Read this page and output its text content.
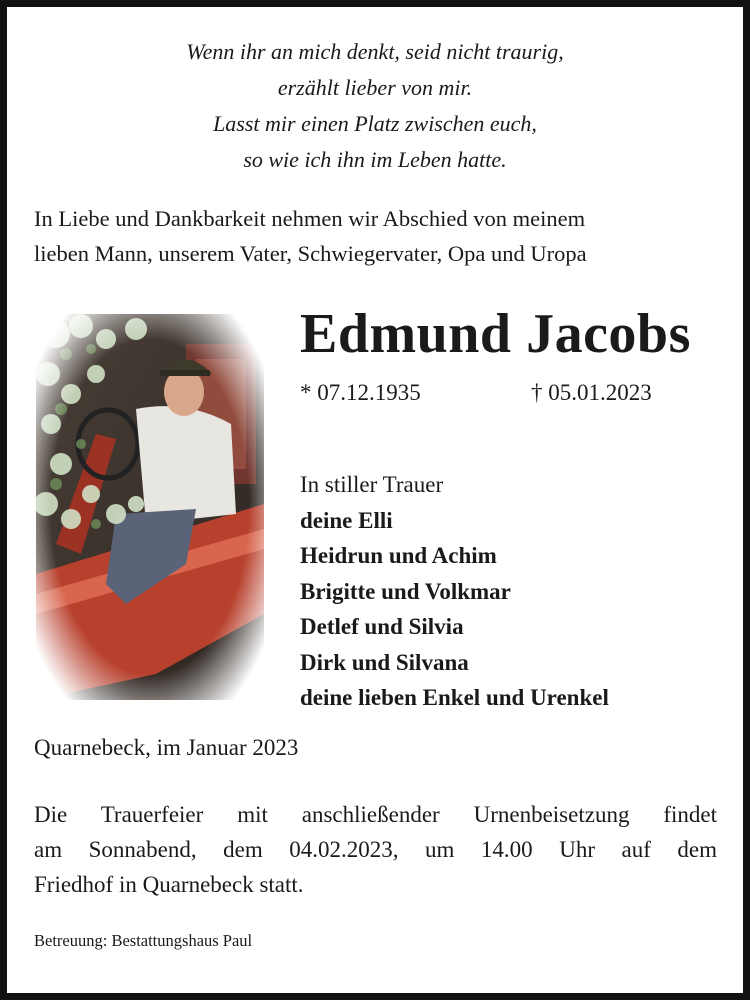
Wenn ihr an mich denkt, seid nicht traurig,
erzählt lieber von mir.
Lasst mir einen Platz zwischen euch,
so wie ich ihn im Leben hatte.
In Liebe und Dankbarkeit nehmen wir Abschied von meinem
lieben Mann, unserem Vater, Schwiegervater, Opa und Uropa
Edmund Jacobs
* 07.12.1935	† 05.01.2023
In stiller Trauer
deine Elli
Heidrun und Achim
Brigitte und Volkmar
Detlef und Silvia
Dirk und Silvana
deine lieben Enkel und Urenkel
Quarnebeck, im Januar 2023
Die Trauerfeier mit anschließender Urnenbeisetzung findet
am Sonnabend, dem 04.02.2023, um 14.00 Uhr auf dem
Friedhof in Quarnebeck statt.
Betreuung: Bestattungshaus Paul
